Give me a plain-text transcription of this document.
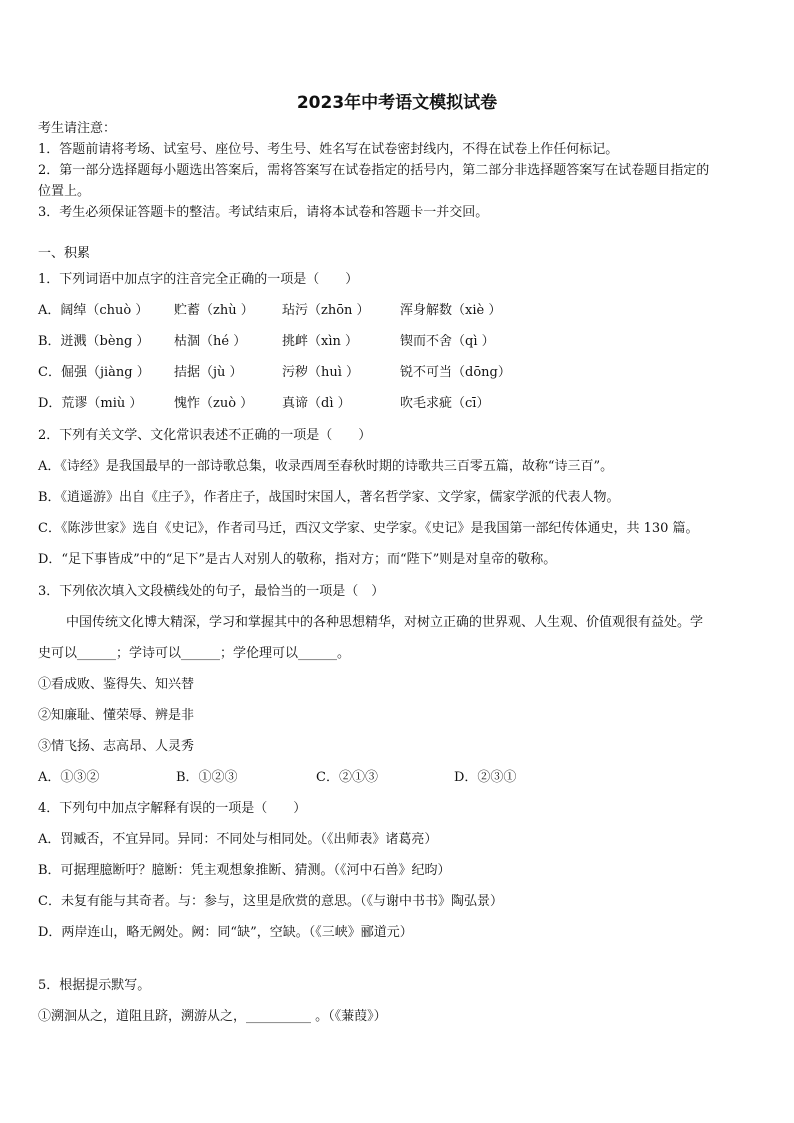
2023年中考语文模拟试卷
考生请注意：
1．答题前请将考场、试室号、座位号、考生号、姓名写在试卷密封线内，不得在试卷上作任何标记。
2．第一部分选择题每小题选出答案后，需将答案写在试卷指定的括号内，第二部分非选择题答案写在试卷题目指定的
位置上。
3．考生必须保证答题卡的整洁。考试结束后，请将本试卷和答题卡一并交回。
一、积累
1．下列词语中加点字的注音完全正确的一项是（　　）
A．阔绰（chuò ） 贮蓄（zhù ） 玷污（zhōn ） 浑身解数（xiè ）
B．迸溅（bèng ） 枯涸（hé ）	挑衅（xìn ）	锲而不舍（qì ）
C．倔强（jiàng ） 拮据（jù ）	污秽（huì ）	锐不可当（dōng）
D．荒谬（miù ） 愧怍（zuò ） 真谛（dì ）	吹毛求疵（cī）
2．下列有关文学、文化常识表述不正确的一项是（　　）
A．《诗经》是我国最早的一部诗歌总集，收录西周至春秋时期的诗歌共三百零五篇，故称“诗三百”。
B．《逍遥游》出自《庄子》，作者庄子，战国时宋国人，著名哲学家、文学家，儒家学派的代表人物。
C．《陈涉世家》选自《史记》，作者司马迁，西汉文学家、史学家。《史记》是我国第一部纪传体通史，共 130 篇。
D．“足下事皆成”中的“足下”是古人对别人的敬称，指对方；而“陛下”则是对皇帝的敬称。
3．下列依次填入文段横线处的句子，最恰当的一项是（　）
中国传统文化博大精深，学习和掌握其中的各种思想精华，对树立正确的世界观、人生观、价值观很有益处。学
史可以______；学诗可以______；学伦理可以______。
①看成败、鉴得失、知兴替
②知廉耻、懂荣辱、辨是非
③情飞扬、志高昂、人灵秀
A．①③②	B．①②③	C．②①③	D．②③①
4．下列句中加点字解释有误的一项是（　　）
A．罚臧否，不宜异同。异同：不同处与相同处。（《出师表》诸葛亮）
B．可据理臆断吁？臆断：凭主观想象推断、猜测。（《河中石兽》纪昀）
C．未复有能与其奇者。与：参与，这里是欣赏的意思。（《与谢中书书》陶弘景）
D．两岸连山，略无阙处。阙：同“缺”，空缺。（《三峡》郦道元）
5．根据提示默写。
①溯洄从之，道阻且跻，溯游从之，__________ 。（《蒹葭》）
